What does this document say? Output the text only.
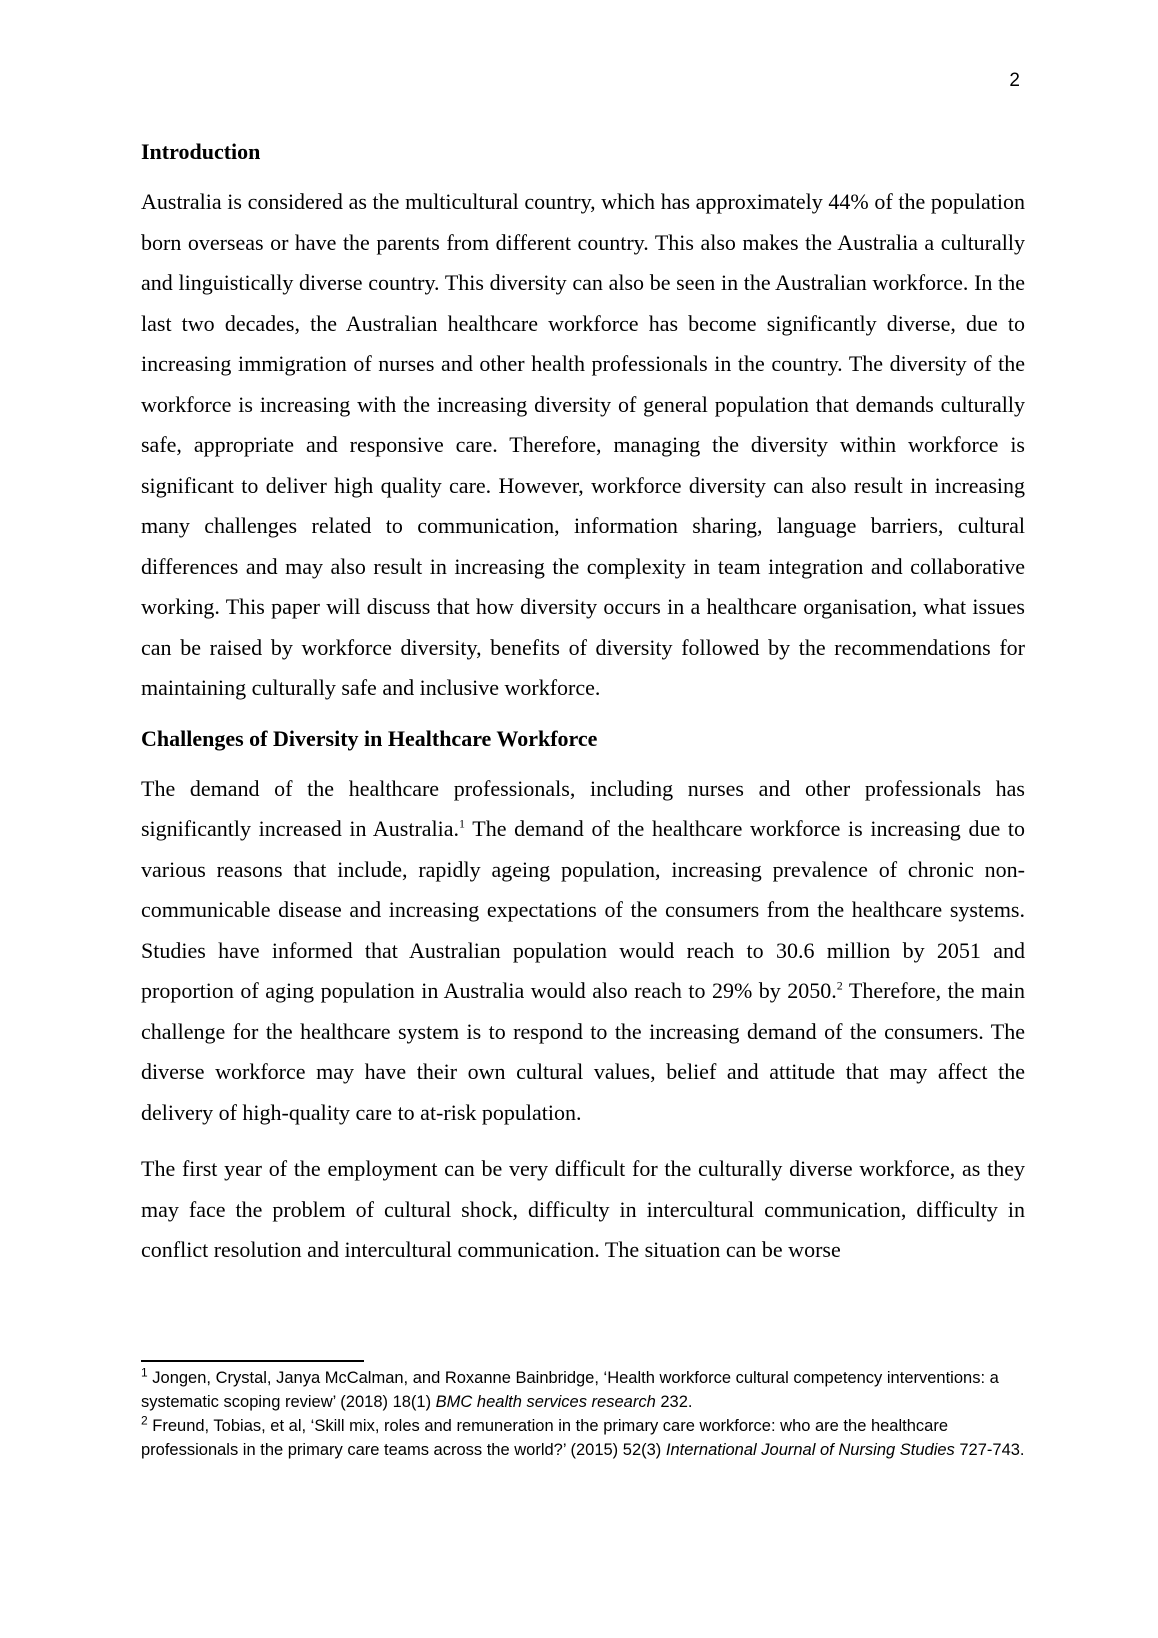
2
Introduction

Australia is considered as the multicultural country, which has approximately 44% of the population born overseas or have the parents from different country. This also makes the Australia a culturally and linguistically diverse country. This diversity can also be seen in the Australian workforce. In the last two decades, the Australian healthcare workforce has become significantly diverse, due to increasing immigration of nurses and other health professionals in the country. The diversity of the workforce is increasing with the increasing diversity of general population that demands culturally safe, appropriate and responsive care. Therefore, managing the diversity within workforce is significant to deliver high quality care. However, workforce diversity can also result in increasing many challenges related to communication, information sharing, language barriers, cultural differences and may also result in increasing the complexity in team integration and collaborative working. This paper will discuss that how diversity occurs in a healthcare organisation, what issues can be raised by workforce diversity, benefits of diversity followed by the recommendations for maintaining culturally safe and inclusive workforce.

Challenges of Diversity in Healthcare Workforce

The demand of the healthcare professionals, including nurses and other professionals has significantly increased in Australia.$^1$ The demand of the healthcare workforce is increasing due to various reasons that include, rapidly ageing population, increasing prevalence of chronic non-communicable disease and increasing expectations of the consumers from the healthcare systems. Studies have informed that Australian population would reach to 30.6 million by 2051 and proportion of aging population in Australia would also reach to 29% by 2050.$^2$ Therefore, the main challenge for the healthcare system is to respond to the increasing demand of the consumers. The diverse workforce may have their own cultural values, belief and attitude that may affect the delivery of high-quality care to at-risk population.

The first year of the employment can be very difficult for the culturally diverse workforce, as they may face the problem of cultural shock, difficulty in intercultural communication, difficulty in conflict resolution and intercultural communication. The situation can be worse

$^1$ Jongen, Crystal, Janya McCalman, and Roxanne Bainbridge, ‘Health workforce cultural competency interventions: a systematic scoping review’ (2018) 18(1) BMC health services research 232.

$^2$ Freund, Tobias, et al, ‘Skill mix, roles and remuneration in the primary care workforce: who are the healthcare professionals in the primary care teams across the world?’ (2015) 52(3) International Journal of Nursing Studies 727-743.
